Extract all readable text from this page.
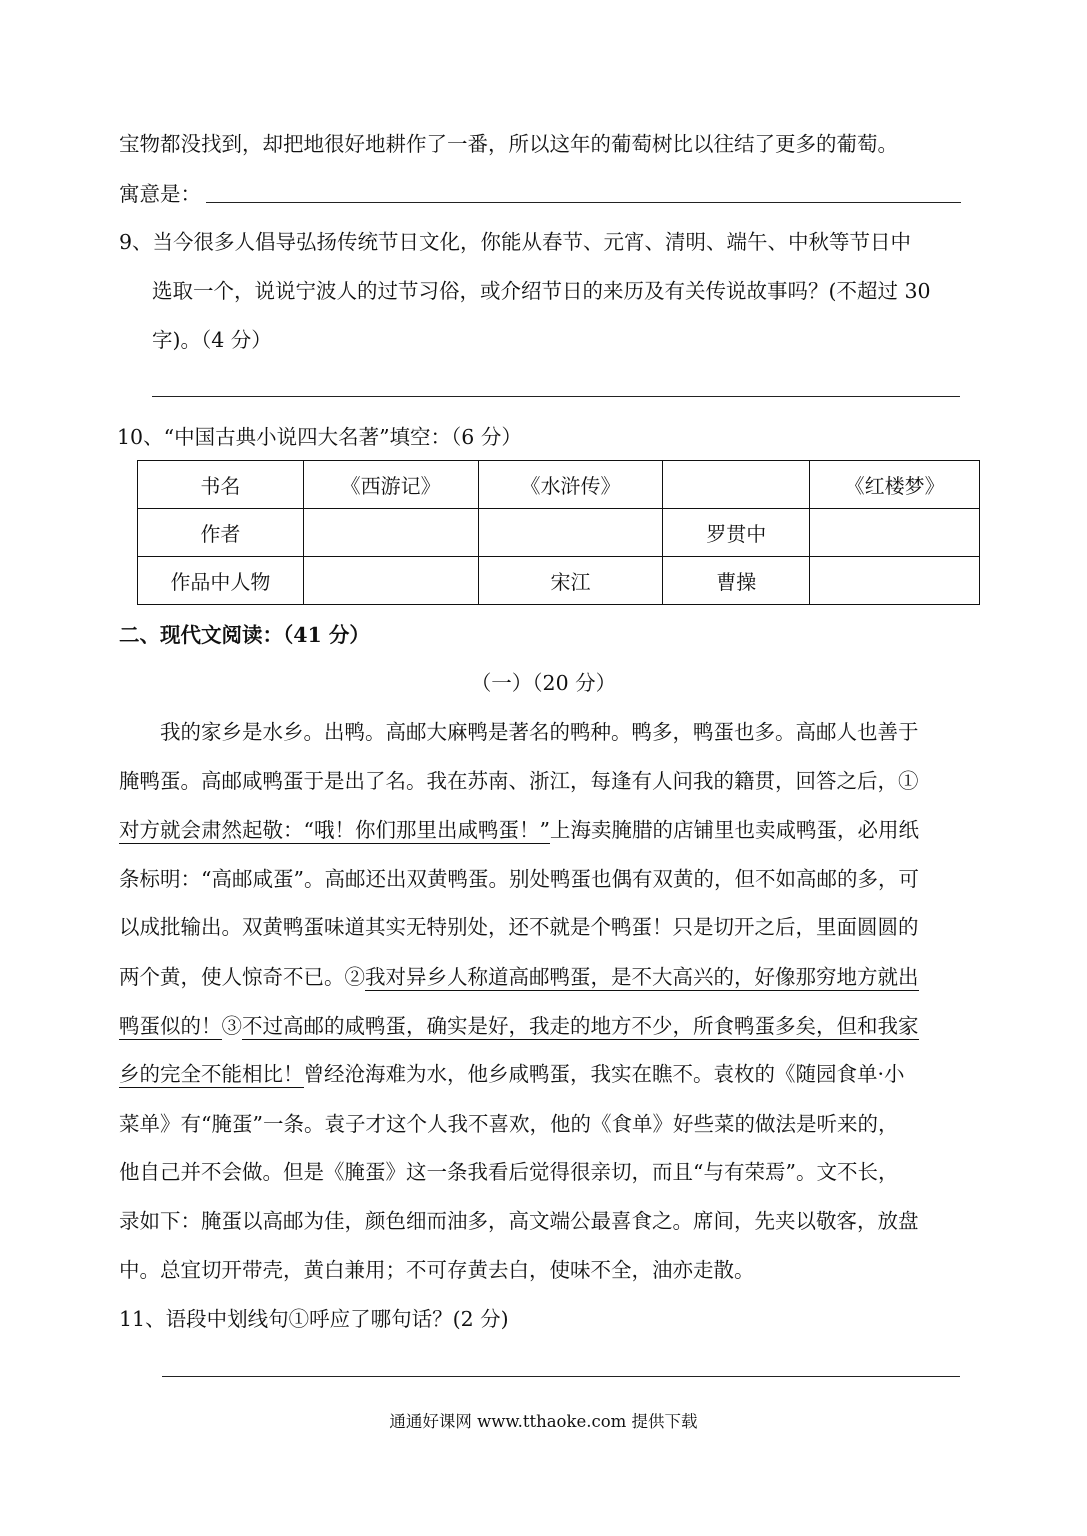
宝物都没找到，却把地很好地耕作了一番，所以这年的葡萄树比以往结了更多的葡萄。
寓意是：
9、当今很多人倡导弘扬传统节日文化，你能从春节、元宵、清明、端午、中秋等节日中
选取一个，说说宁波人的过节习俗，或介绍节日的来历及有关传说故事吗？(不超过 30
字)。（4 分）
10、“中国古典小说四大名著”填空：（6 分）
书名	《西游记》	《水浒传》		《红楼梦》
作者			罗贯中	
作品中人物		宋江	曹操	
二、现代文阅读：（41 分）
（一）（20 分）
我的家乡是水乡。出鸭。高邮大麻鸭是著名的鸭种。鸭多，鸭蛋也多。高邮人也善于
腌鸭蛋。高邮咸鸭蛋于是出了名。我在苏南、浙江，每逢有人问我的籍贯，回答之后，①
对方就会肃然起敬：“哦！你们那里出咸鸭蛋！”上海卖腌腊的店铺里也卖咸鸭蛋，必用纸
条标明：“高邮咸蛋”。高邮还出双黄鸭蛋。别处鸭蛋也偶有双黄的，但不如高邮的多，可
以成批输出。双黄鸭蛋味道其实无特别处，还不就是个鸭蛋！只是切开之后，里面圆圆的
两个黄，使人惊奇不已。②我对异乡人称道高邮鸭蛋，是不大高兴的，好像那穷地方就出
鸭蛋似的！③不过高邮的咸鸭蛋，确实是好，我走的地方不少，所食鸭蛋多矣，但和我家
乡的完全不能相比！曾经沧海难为水，他乡咸鸭蛋，我实在瞧不。袁枚的《随园食单·小
菜单》有“腌蛋”一条。袁子才这个人我不喜欢，他的《食单》好些菜的做法是听来的，
他自己并不会做。但是《腌蛋》这一条我看后觉得很亲切，而且“与有荣焉”。文不长，
录如下：腌蛋以高邮为佳，颜色细而油多，高文端公最喜食之。席间，先夹以敬客，放盘
中。总宜切开带壳，黄白兼用；不可存黄去白，使味不全，油亦走散。
11、语段中划线句①呼应了哪句话？(2 分)
通通好课网 www.tthaoke.com 提供下载
